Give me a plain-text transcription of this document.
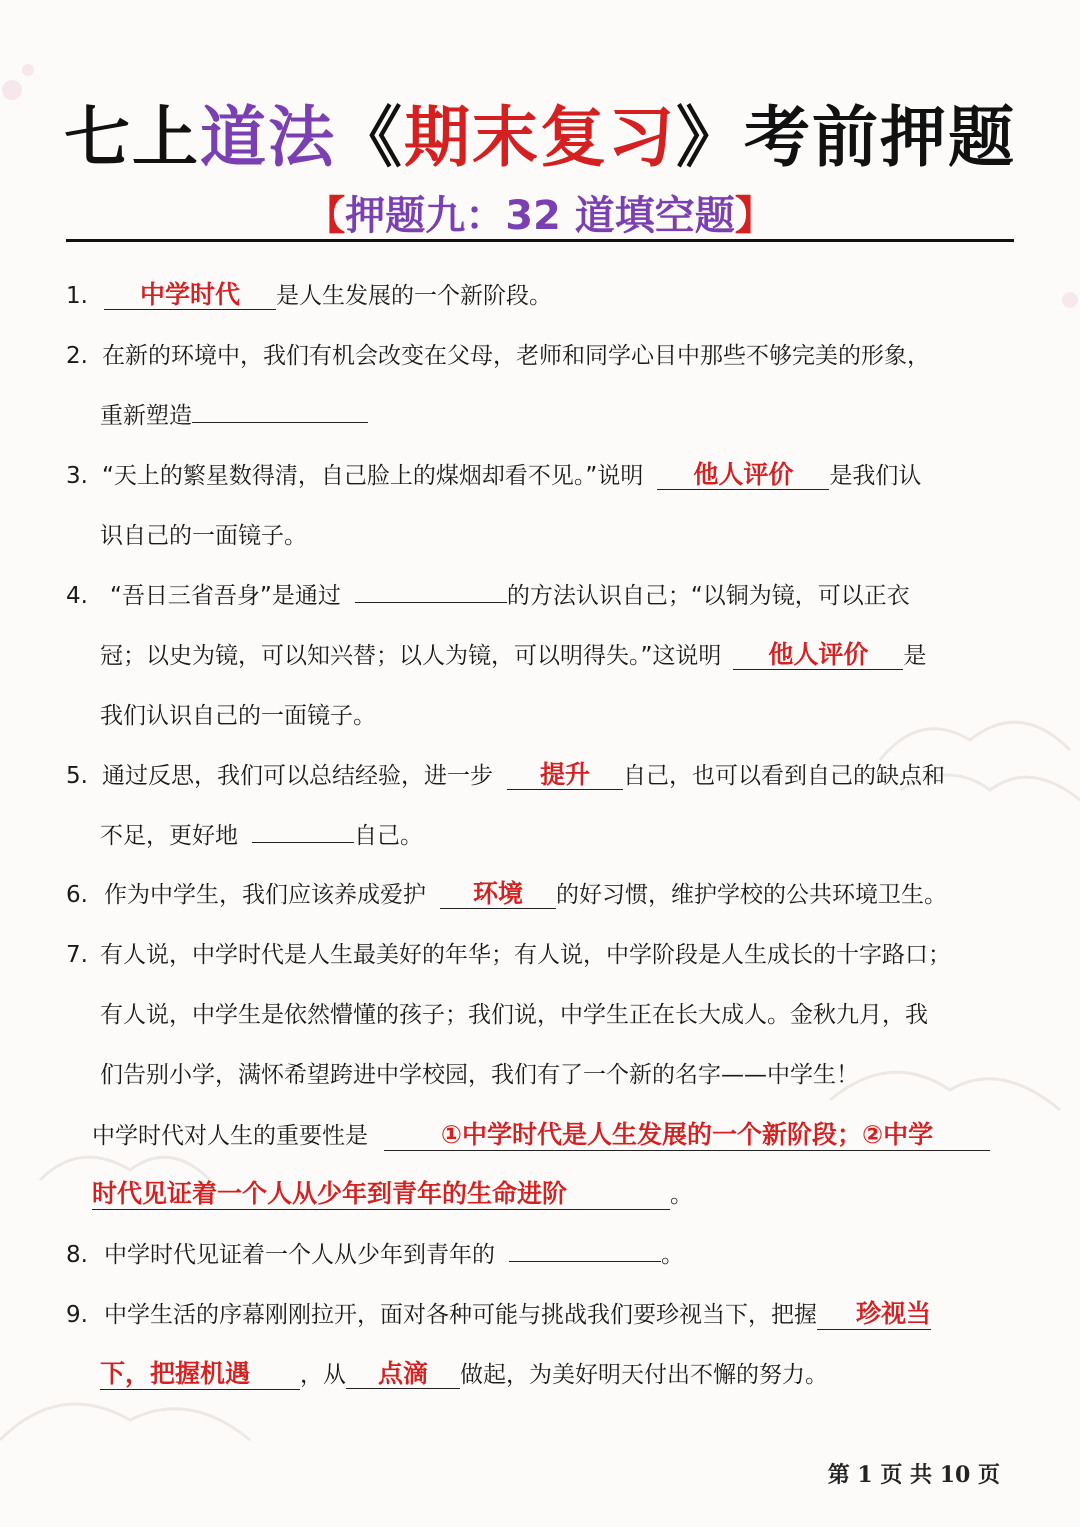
七上道法《期末复习》考前押题
【押题九：32 道填空题】
1. 中学时代 是人生发展的一个新阶段。
2. 在新的环境中，我们有机会改变在父母，老师和同学心目中那些不够完美的形象，
重新塑造
3. “天上的繁星数得清，自己脸上的煤烟却看不见。”说明 他人评价 是我们认
识自己的一面镜子。
4. “吾日三省吾身”是通过	的方法认识自己；“以铜为镜，可以正衣
冠；以史为镜，可以知兴替；以人为镜，可以明得失。”这说明 他人评价 是
我们认识自己的一面镜子。
5. 通过反思，我们可以总结经验，进一步 提升 自己，也可以看到自己的缺点和
不足，更好地	自己。
6. 作为中学生，我们应该养成爱护 环境 的好习惯，维护学校的公共环境卫生。
7. 有人说，中学时代是人生最美好的年华；有人说，中学阶段是人生成长的十字路口；
有人说，中学生是依然懵懂的孩子；我们说，中学生正在长大成人。金秋九月，我
们告别小学，满怀希望跨进中学校园，我们有了一个新的名字——中学生！
中学时代对人生的重要性是	①中学时代是人生发展的一个新阶段；②中学
时代见证着一个人从少年到青年的生命进阶	。
8. 中学时代见证着一个人从少年到青年的	。
9. 中学生活的序幕刚刚拉开，面对各种可能与挑战我们要珍视当下，把握 珍视当
下，把握机遇 ，从 点滴 做起，为美好明天付出不懈的努力。
第 1 页 共 10 页
